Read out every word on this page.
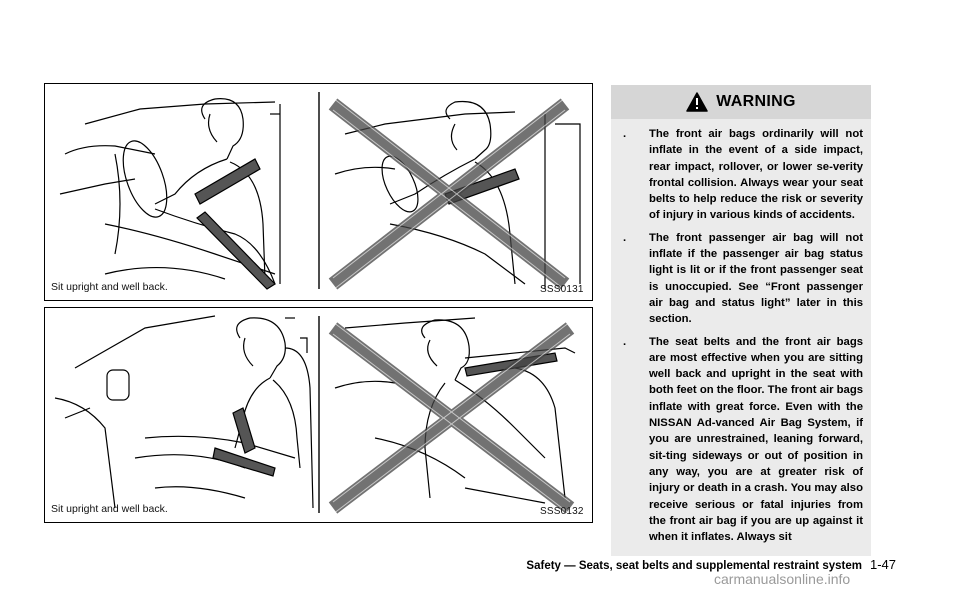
Sit upright and well back.	SSS0131
Sit upright and well back.	SSS0132
WARNING
. The front air bags ordinarily will not inflate in the event of a side impact, rear impact, rollover, or lower se-verity frontal collision. Always wear your seat belts to help reduce the risk or severity of injury in various kinds of accidents.
. The front passenger air bag will not inflate if the passenger air bag status light is lit or if the front passenger seat is unoccupied. See “Front passenger air bag and status light” later in this section.
. The seat belts and the front air bags are most effective when you are sitting well back and upright in the seat with both feet on the floor. The front air bags inflate with great force. Even with the NISSAN Ad-vanced Air Bag System, if you are unrestrained, leaning forward, sit-ting sideways or out of position in any way, you are at greater risk of injury or death in a crash. You may also receive serious or fatal injuries from the front air bag if you are up against it when it inflates. Always sit
Safety — Seats, seat belts and supplemental restraint system 1-47
carmanualsonline.info
